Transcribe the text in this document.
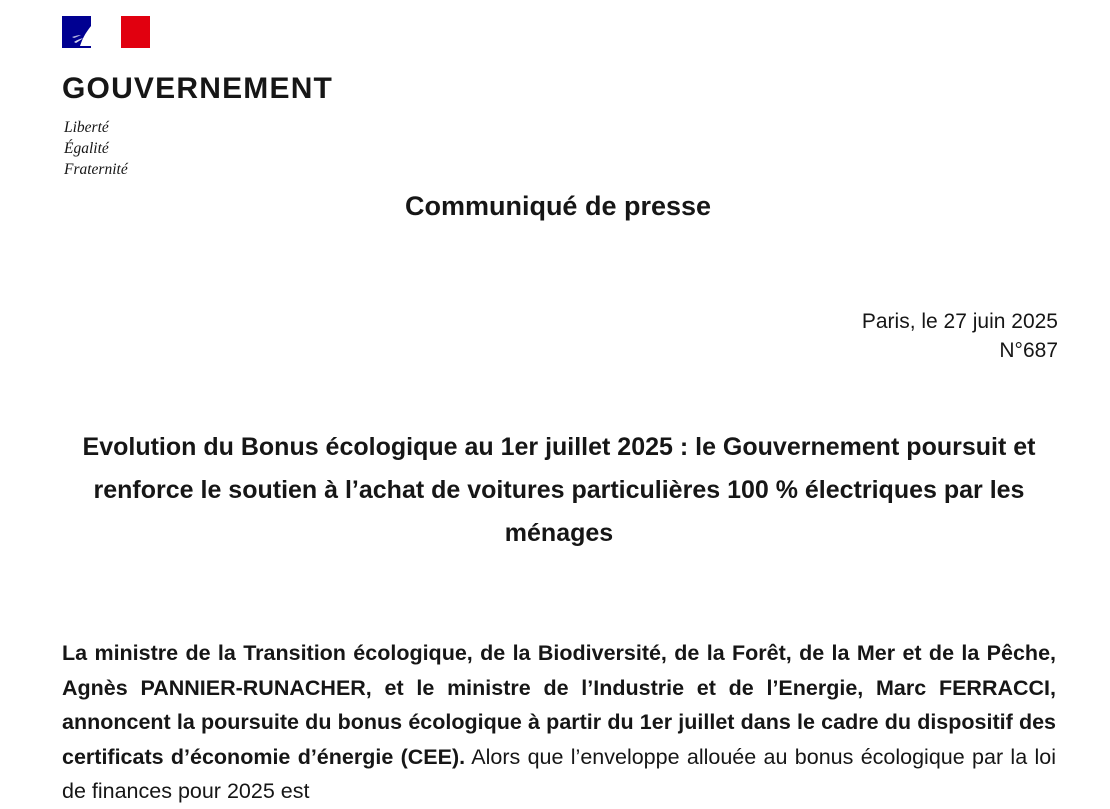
GOUVERNEMENT
Liberté
Égalité
Fraternité
Communiqué de presse
Paris, le 27 juin 2025
N°687
Evolution du Bonus écologique au 1er juillet 2025 : le Gouvernement poursuit et renforce le soutien à l’achat de voitures particulières 100 % électriques par les ménages
La ministre de la Transition écologique, de la Biodiversité, de la Forêt, de la Mer et de la Pêche, Agnès PANNIER-RUNACHER, et le ministre de l’Industrie et de l’Energie, Marc FERRACCI, annoncent la poursuite du bonus écologique à partir du 1er juillet dans le cadre du dispositif des certificats d’économie d’énergie (CEE). Alors que l’enveloppe allouée au bonus écologique par la loi de finances pour 2025 est
